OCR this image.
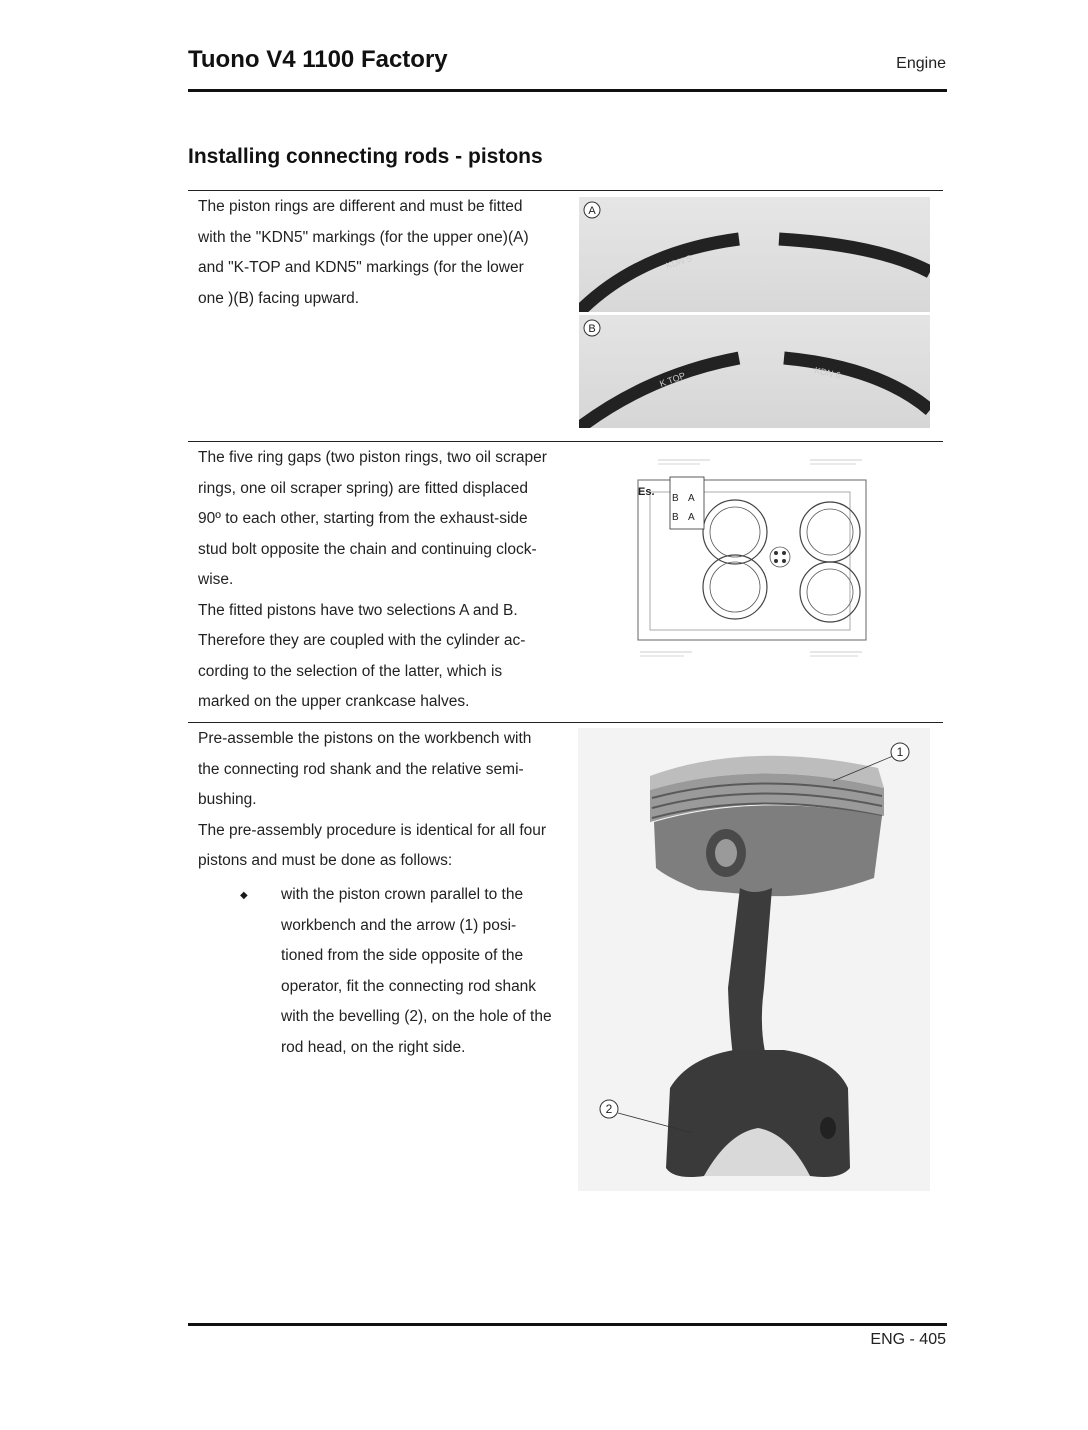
Tuono V4 1100 Factory	Engine
Installing connecting rods - pistons

The piston rings are different and must be fitted

with the "KDN5" markings (for the upper one)(A)

and "K-TOP and KDN5" markings (for the lower

one )(B) facing upward.

KDN 5
A
K TOP	KDN 6
B

The five ring gaps (two piston rings, two oil scraper

rings, one oil scraper spring) are fitted displaced

90º to each other, starting from the exhaust-side

stud bolt opposite the chain and continuing clock-

wise.

The fitted pistons have two selections A and B.

Therefore they are coupled with the cylinder ac-

cording to the selection of the latter, which is

marked on the upper crankcase halves.

Es.
B A
B A

Pre-assemble the pistons on the workbench with

the connecting rod shank and the relative semi-

bushing.

The pre-assembly procedure is identical for all four

pistons and must be done as follows:

◆ with the piston crown parallel to the
workbench and the arrow (1) posi-
tioned from the side opposite of the
operator, fit the connecting rod shank
with the bevelling (2), on the hole of the
rod head, on the right side.
1
2
ENG - 405
